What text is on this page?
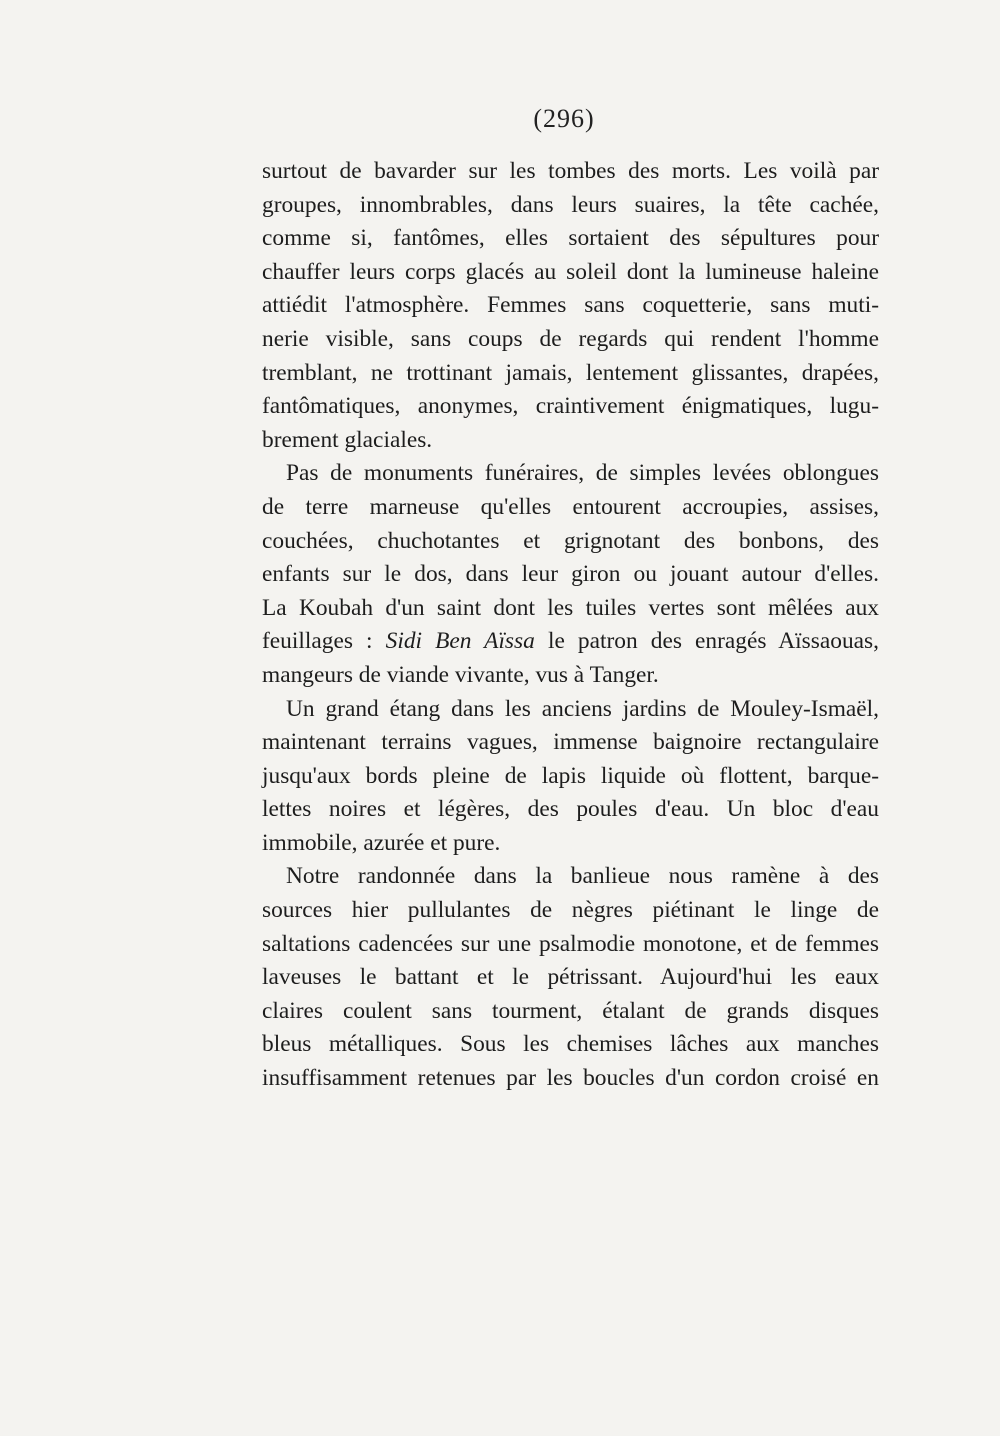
(296)

surtout de bavarder sur les tombes des morts. Les voilà par
groupes, innombrables, dans leurs suaires, la tête cachée,
comme si, fantômes, elles sortaient des sépultures pour
chauffer leurs corps glacés au soleil dont la lumineuse haleine
attiédit l'atmosphère. Femmes sans coquetterie, sans muti-
nerie visible, sans coups de regards qui rendent l'homme
tremblant, ne trottinant jamais, lentement glissantes, drapées,
fantômatiques, anonymes, craintivement énigmatiques, lugu-
brement glaciales.

Pas de monuments funéraires, de simples levées oblongues
de terre marneuse qu'elles entourent accroupies, assises,
couchées, chuchotantes et grignotant des bonbons, des
enfants sur le dos, dans leur giron ou jouant autour d'elles.
La Koubah d'un saint dont les tuiles vertes sont mêlées aux
feuillages : Sidi Ben Aïssa le patron des enragés Aïssaouas,
mangeurs de viande vivante, vus à Tanger.

Un grand étang dans les anciens jardins de Mouley-Ismaël,
maintenant terrains vagues, immense baignoire rectangulaire
jusqu'aux bords pleine de lapis liquide où flottent, barque-
lettes noires et légères, des poules d'eau. Un bloc d'eau
immobile, azurée et pure.

Notre randonnée dans la banlieue nous ramène à des
sources hier pullulantes de nègres piétinant le linge de
saltations cadencées sur une psalmodie monotone, et de femmes
laveuses le battant et le pétrissant. Aujourd'hui les eaux
claires coulent sans tourment, étalant de grands disques
bleus métalliques. Sous les chemises lâches aux manches
insuffisamment retenues par les boucles d'un cordon croisé en
